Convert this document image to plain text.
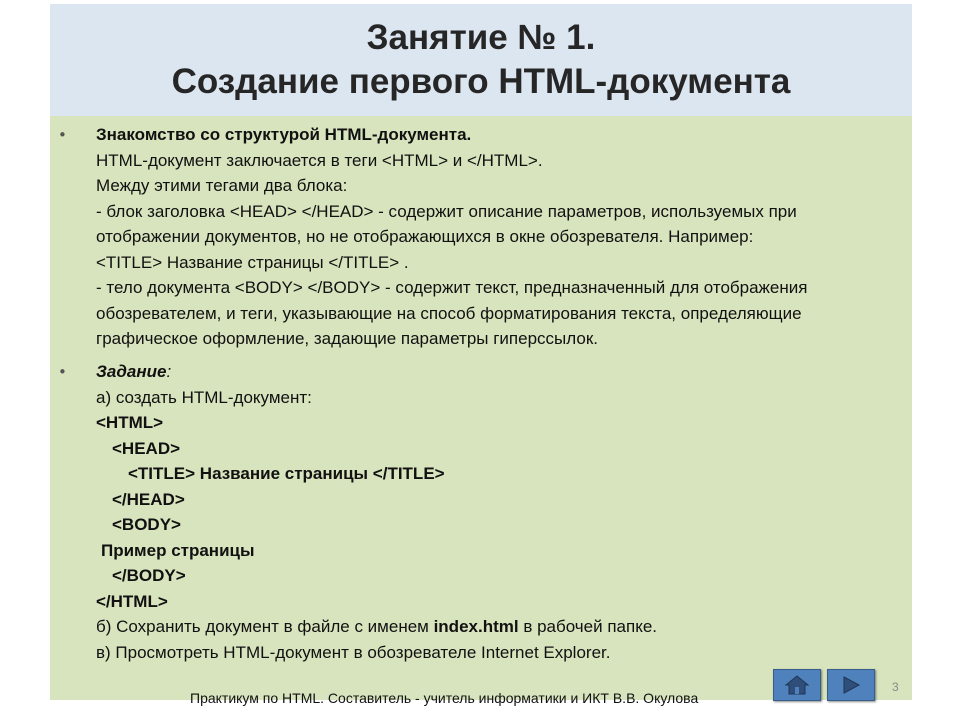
Занятие № 1.
Создание первого HTML-документа
• Знакомство со структурой HTML-документа.
HTML-документ заключается в теги <HTML> и </HTML>.
Между этими тегами два блока:
- блок заголовка <HEAD> </HEAD> - содержит описание параметров, используемых при
отображении документов, но не отображающихся в окне обозревателя. Например:
<TITLE> Название страницы </TITLE> .
- тело документа <BODY> </BODY> - содержит текст, предназначенный для отображения
обозревателем, и теги, указывающие на способ форматирования текста, определяющие
графическое оформление, задающие параметры гиперссылок.
• Задание:
а) создать HTML-документ:
<HTML>
<HEAD>
<TITLE> Название страницы </TITLE>
</HEAD>
<BODY>
Пример страницы
</BODY>
</HTML>
б) Сохранить документ в файле с именем index.html в рабочей папке.
в) Просмотреть HTML-документ в обозревателе Internet Explorer.
Практикум по HTML. Составитель - учитель информатики и ИКТ В.В. Окулова
3
